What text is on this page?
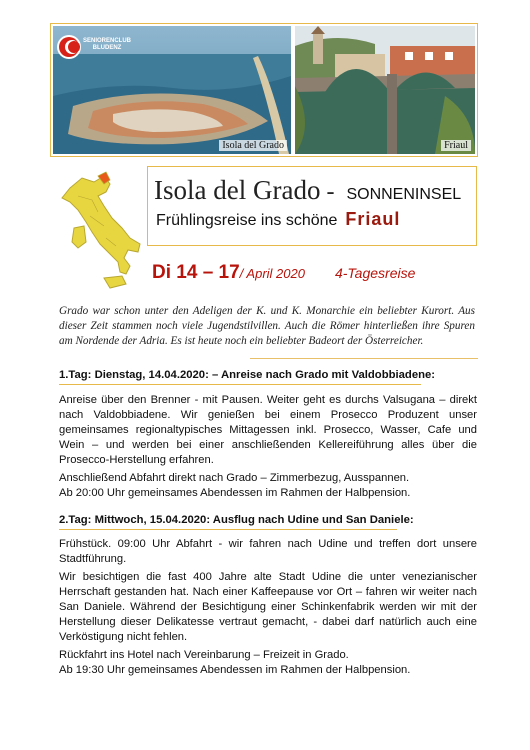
SENIORENCLUB
BLUDENZ
Isola del Grado	Friaul
Isola del Grado - SONNENINSEL
Frühlingsreise ins schöne Friaul
Di 14 – 17/ April 2020 4-Tagesreise
Grado war schon unter den Adeligen der K. und K. Monarchie ein beliebter Kurort. Aus dieser Zeit stammen noch viele Jugendstilvillen. Auch die Römer hinterließen ihre Spuren am Nordende der Adria. Es ist heute noch ein beliebter Badeort der Österreicher.
1.Tag: Dienstag, 14.04.2020: – Anreise nach Grado mit Valdobbiadene:

Anreise über den Brenner - mit Pausen. Weiter geht es durchs Valsugana – direkt nach Valdobbiadene. Wir genießen bei einem Prosecco Produzent unser gemeinsames regionaltypisches Mittagessen inkl. Prosecco, Wasser, Cafe und Wein – und werden bei einer anschließenden Kellereiführung alles über die Prosecco-Herstellung erfahren.

Anschließend Abfahrt direkt nach Grado – Zimmerbezug, Ausspannen.

Ab 20:00 Uhr gemeinsames Abendessen im Rahmen der Halbpension.

2.Tag: Mittwoch, 15.04.2020: Ausflug nach Udine und San Daniele:

Frühstück. 09:00 Uhr Abfahrt - wir fahren nach Udine und treffen dort unsere Stadtführung.

Wir besichtigen die fast 400 Jahre alte Stadt Udine die unter venezianischer Herrschaft gestanden hat. Nach einer Kaffeepause vor Ort – fahren wir weiter nach San Daniele. Während der Besichtigung einer Schinkenfabrik werden wir mit der Herstellung dieser Delikatesse vertraut gemacht, - dabei darf natürlich auch eine Verköstigung nicht fehlen.

Rückfahrt ins Hotel nach Vereinbarung – Freizeit in Grado.

Ab 19:30 Uhr gemeinsames Abendessen im Rahmen der Halbpension.
